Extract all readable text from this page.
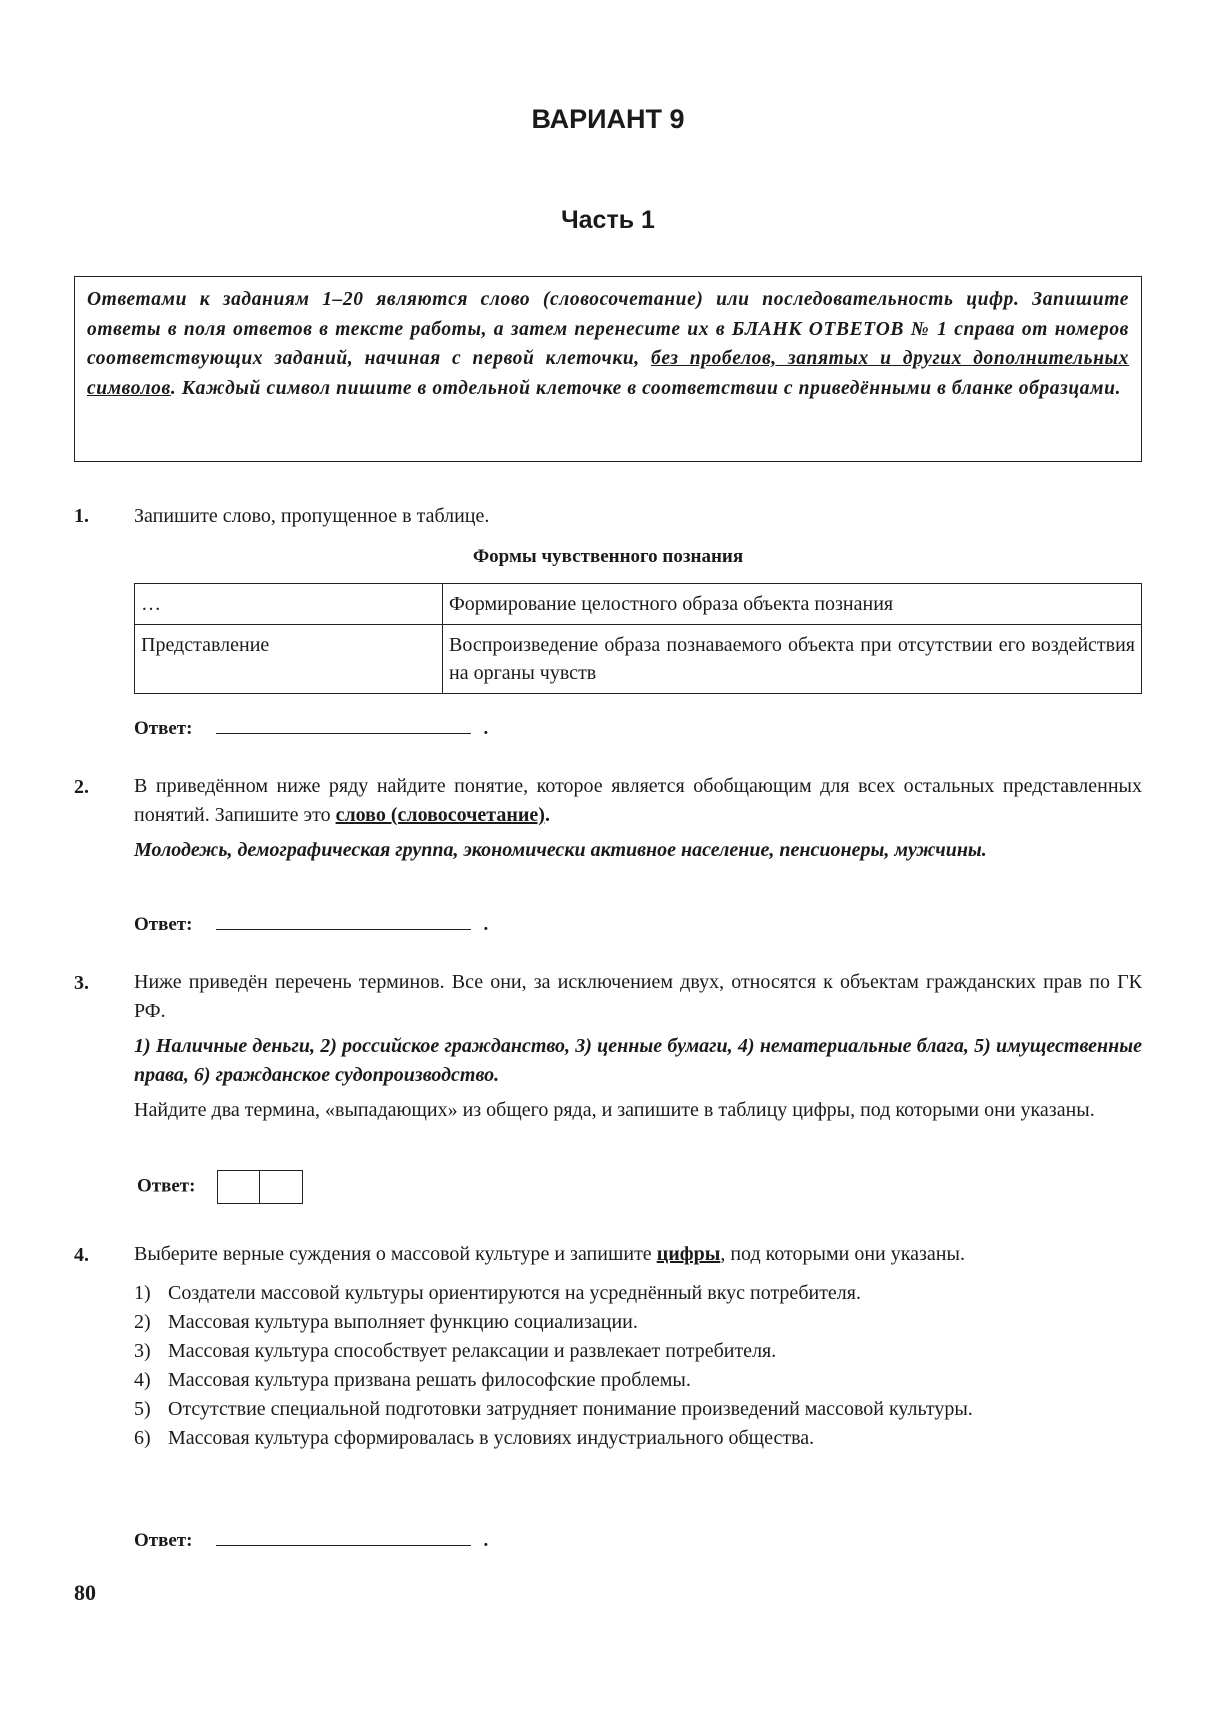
ВАРИАНТ 9
Часть 1
Ответами к заданиям 1–20 являются слово (словосочетание) или последовательность цифр. Запишите ответы в поля ответов в тексте работы, а затем перенесите их в БЛАНК ОТВЕТОВ № 1 справа от номеров соответствующих заданий, начиная с первой клеточки, без пробелов, запятых и других дополнительных символов. Каждый символ пишите в отдельной клеточке в соответствии с приведёнными в бланке образцами.
1. Запишите слово, пропущенное в таблице.
Формы чувственного познания
…	Формирование целостного образа объекта познания
Представление	Воспроизведение образа познаваемого объекта при отсутствии его воздействия на органы чувств
Ответ:	.
2. В приведённом ниже ряду найдите понятие, которое является обобщающим для всех остальных представленных понятий. Запишите это слово (словосочетание).
Молодежь, демографическая группа, экономически активное население, пенсионеры, мужчины.
Ответ:	.
3. Ниже приведён перечень терминов. Все они, за исключением двух, относятся к объектам гражданских прав по ГК РФ.
1) Наличные деньги, 2) российское гражданство, 3) ценные бумаги, 4) нематериальные блага, 5) имущественные права, 6) гражданское судопроизводство.
Найдите два термина, «выпадающих» из общего ряда, и запишите в таблицу цифры, под которыми они указаны.
Ответ:
4. Выберите верные суждения о массовой культуре и запишите цифры, под которыми они указаны.
1) Создатели массовой культуры ориентируются на усреднённый вкус потребителя.
2) Массовая культура выполняет функцию социализации.
3) Массовая культура способствует релаксации и развлекает потребителя.
4) Массовая культура призвана решать философские проблемы.
5) Отсутствие специальной подготовки затрудняет понимание произведений массовой культуры.
6) Массовая культура сформировалась в условиях индустриального общества.
Ответ:	.
80
